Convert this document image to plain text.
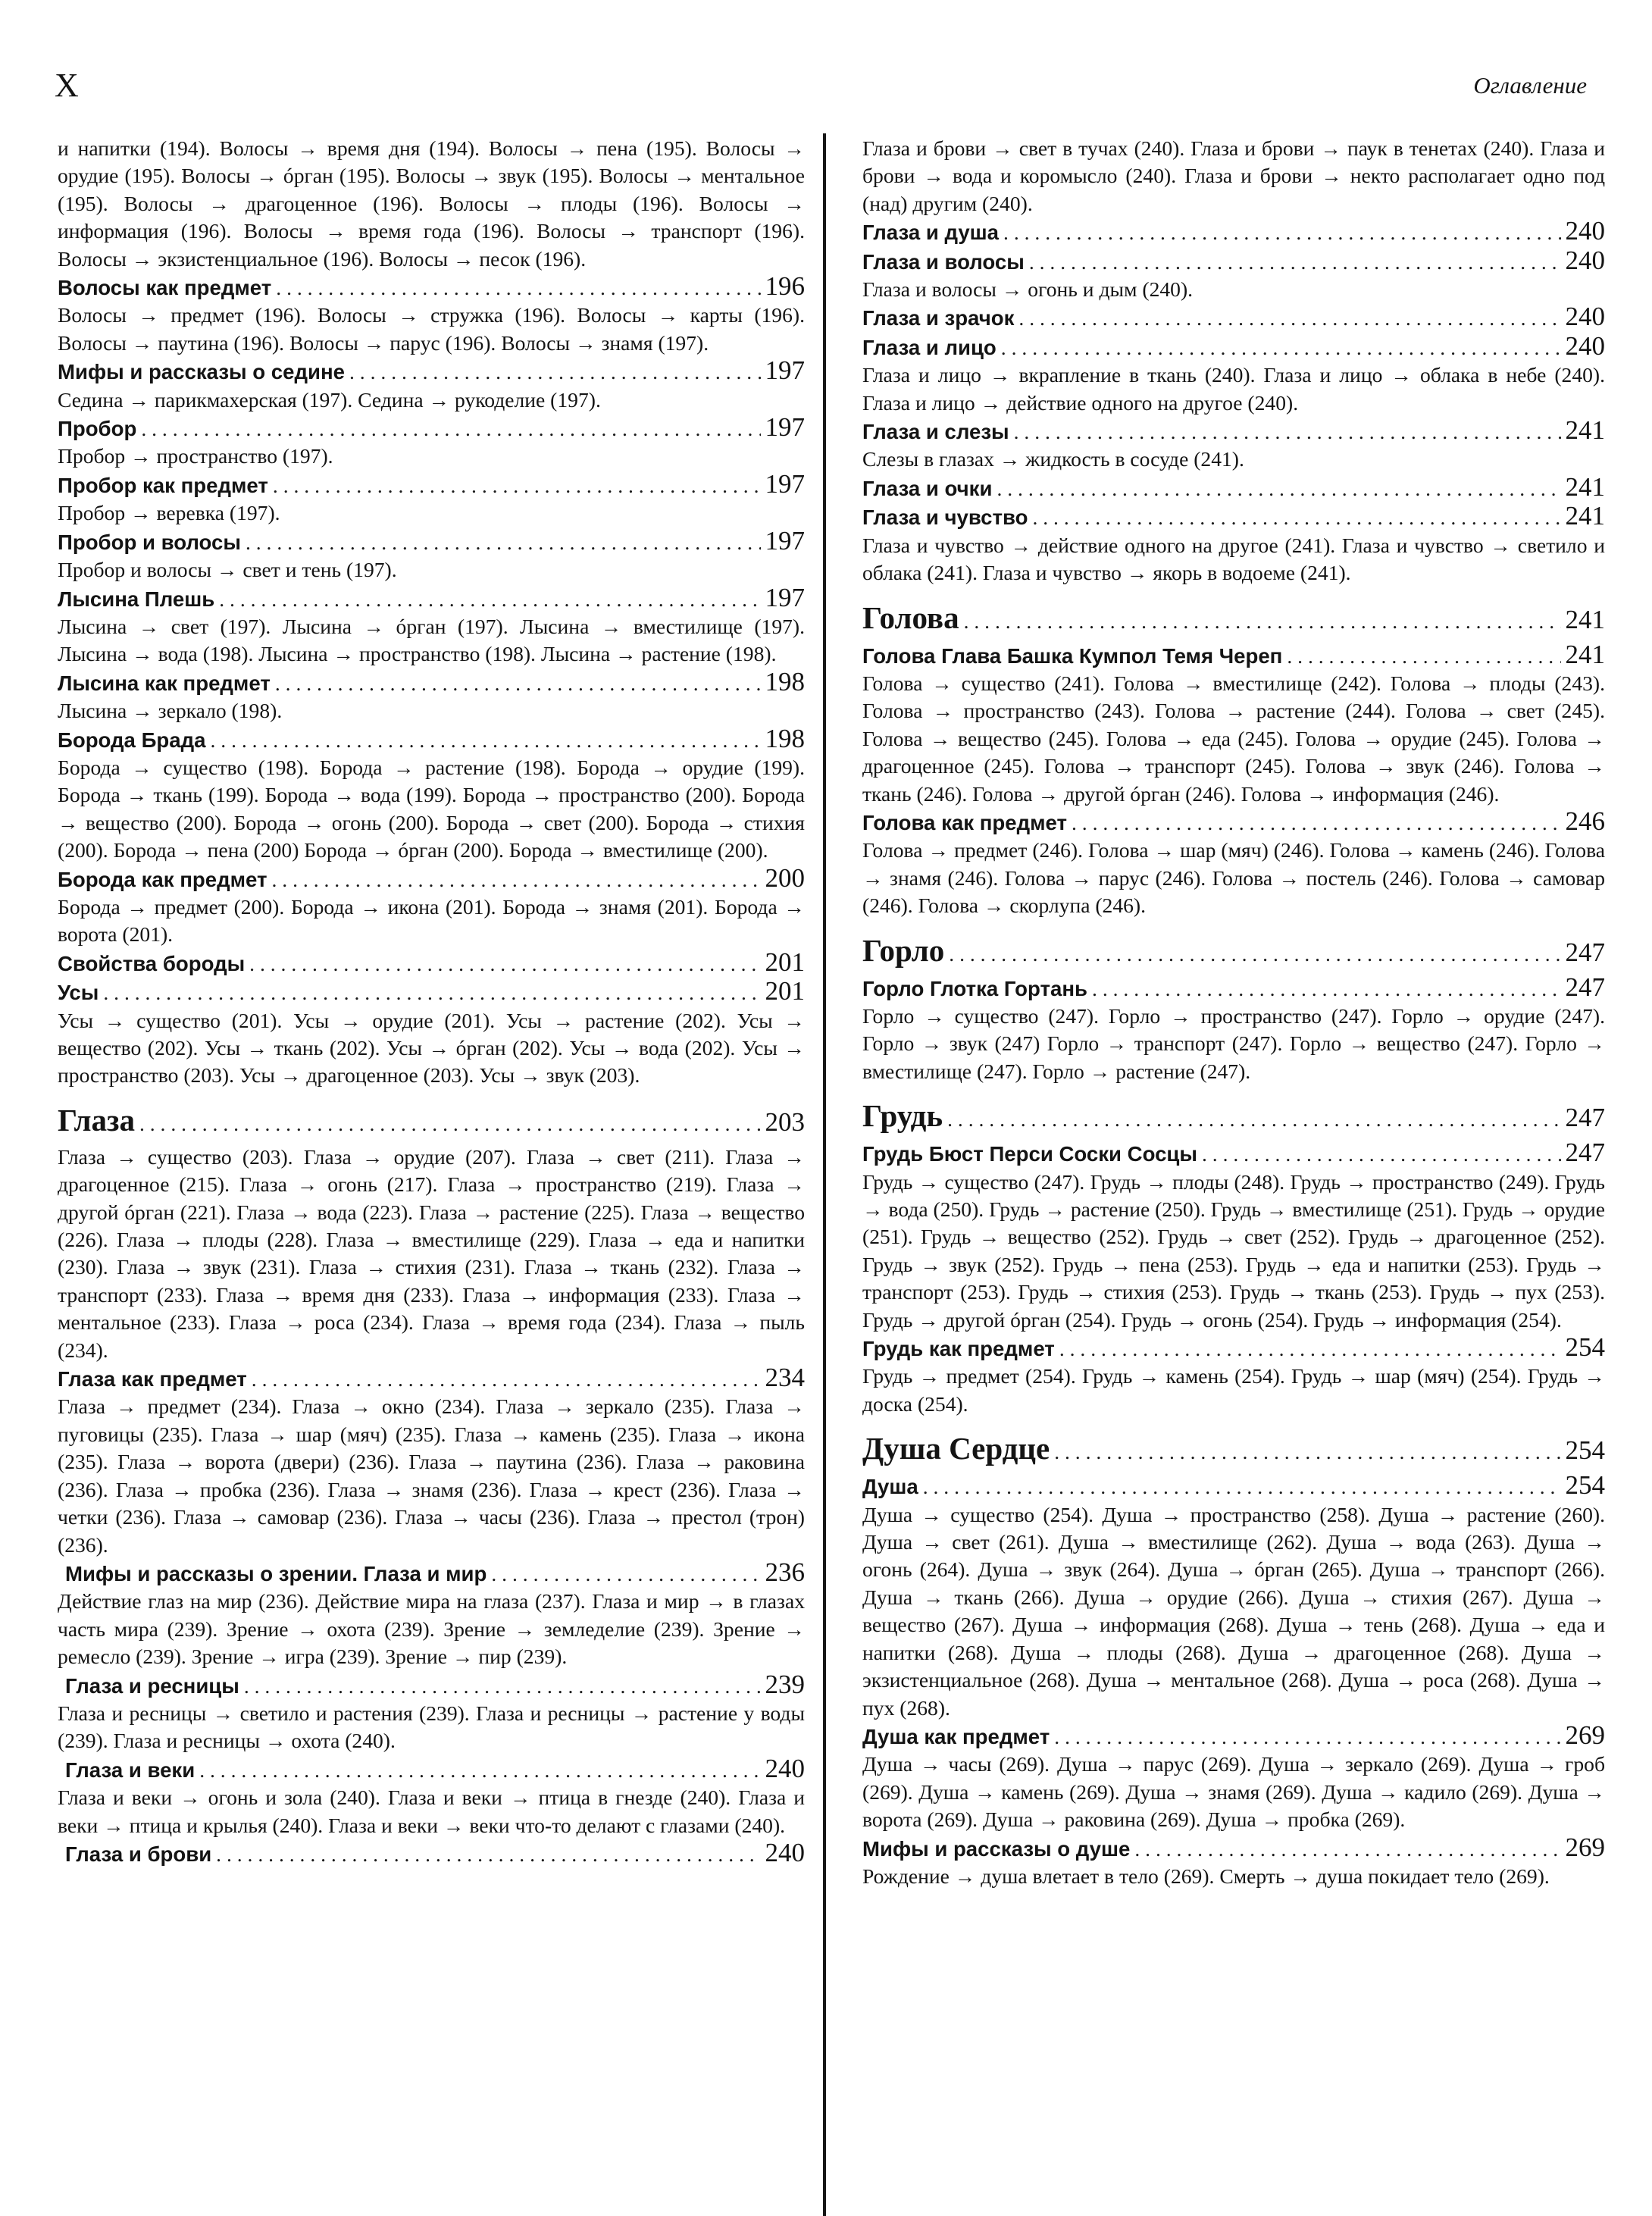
X	Оглавление

и напитки (194). Волосы → время дня (194). Волосы → пена (195). Волосы → орудие (195). Волосы → óрган (195). Волосы → звук (195). Волосы → ментальное (195). Волосы → драгоценное (196). Волосы → плоды (196). Волосы → информация (196). Волосы → время года (196). Волосы → транспорт (196). Волосы → экзистенциальное (196). Волосы → песок (196).

Волосы как предмет . . .	196

Волосы → предмет (196). Волосы → стружка (196). Волосы → карты (196). Волосы → паутина (196). Волосы → парус (196). Волосы → знамя (197).

Мифы и рассказы о седине . . .	197

Седина → парикмахерская (197). Седина → рукоделие (197).

Пробор . . .	197

Пробор → пространство (197).

Пробор как предмет . . .	197

Пробор → веревка (197).

Пробор и волосы . . .	197

Пробор и волосы → свет и тень (197).

Лысина Плешь . . .	197

Лысина → свет (197). Лысина → óрган (197). Лысина → вместилище (197). Лысина → вода (198). Лысина → пространство (198). Лысина → растение (198).

Лысина как предмет . . .	198

Лысина → зеркало (198).

Борода Брада . . .	198

Борода → существо (198). Борода → растение (198). Борода → орудие (199). Борода → ткань (199). Борода → вода (199). Борода → пространство (200). Борода → вещество (200). Борода → огонь (200). Борода → свет (200). Борода → стихия (200). Борода → пена (200) Борода → óрган (200). Борода → вместилище (200).

Борода как предмет . . .	200

Борода → предмет (200). Борода → икона (201). Борода → знамя (201). Борода → ворота (201).

Свойства бороды . . .	201
Усы . . .	201

Усы → существо (201). Усы → орудие (201). Усы → растение (202). Усы → вещество (202). Усы → ткань (202). Усы → óрган (202). Усы → вода (202). Усы → пространство (203). Усы → драгоценное (203). Усы → звук (203).

Глаза . . .	203

Глаза → существо (203). Глаза → орудие (207). Глаза → свет (211). Глаза → драгоценное (215). Глаза → огонь (217). Глаза → пространство (219). Глаза → другой óрган (221). Глаза → вода (223). Глаза → растение (225). Глаза → вещество (226). Глаза → плоды (228). Глаза → вместилище (229). Глаза → еда и напитки (230). Глаза → звук (231). Глаза → стихия (231). Глаза → ткань (232). Глаза → транспорт (233). Глаза → время дня (233). Глаза → информация (233). Глаза → ментальное (233). Глаза → роса (234). Глаза → время года (234). Глаза → пыль (234).

Глаза как предмет . . .	234

Глаза → предмет (234). Глаза → окно (234). Глаза → зеркало (235). Глаза → пуговицы (235). Глаза → шар (мяч) (235). Глаза → камень (235). Глаза → икона (235). Глаза → ворота (двери) (236). Глаза → паутина (236). Глаза → раковина (236). Глаза → пробка (236). Глаза → знамя (236). Глаза → крест (236). Глаза → четки (236). Глаза → самовар (236). Глаза → часы (236). Глаза → престол (трон) (236).

Мифы и рассказы о зрении. Глаза и мир . . .	236

Действие глаз на мир (236). Действие мира на глаза (237). Глаза и мир → в глазах часть мира (239). Зрение → охота (239). Зрение → земледелие (239). Зрение → ремесло (239). Зрение → игра (239). Зрение → пир (239).

Глаза и ресницы . . .	239

Глаза и ресницы → светило и растения (239). Глаза и ресницы → растение у воды (239). Глаза и ресницы → охота (240).

Глаза и веки . . .	240

Глаза и веки → огонь и зола (240). Глаза и веки → птица в гнезде (240). Глаза и веки → птица и крылья (240). Глаза и веки → веки что-то делают с глазами (240).

Глаза и брови . . .	240

Глаза и брови → свет в тучах (240). Глаза и брови → паук в тенетах (240). Глаза и брови → вода и коромысло (240). Глаза и брови → некто располагает одно под (над) другим (240).

Глаза и душа . . .	240
Глаза и волосы . . .	240

Глаза и волосы → огонь и дым (240).

Глаза и зрачок . . .	240
Глаза и лицо . . .	240

Глаза и лицо → вкрапление в ткань (240). Глаза и лицо → облака в небе (240). Глаза и лицо → действие одного на другое (240).

Глаза и слезы . . .	241

Слезы в глазах → жидкость в сосуде (241).

Глаза и очки . . .	241
Глаза и чувство . . .	241

Глаза и чувство → действие одного на другое (241). Глаза и чувство → светило и облака (241). Глаза и чувство → якорь в водоеме (241).

Голова . . .	241
Голова Глава Башка Кумпол Темя Череп . . .	241

Голова → существо (241). Голова → вместилище (242). Голова → плоды (243). Голова → пространство (243). Голова → растение (244). Голова → свет (245). Голова → вещество (245). Голова → еда (245). Голова → орудие (245). Голова → драгоценное (245). Голова → транспорт (245). Голова → звук (246). Голова → ткань (246). Голова → другой óрган (246). Голова → информация (246).

Голова как предмет . . .	246

Голова → предмет (246). Голова → шар (мяч) (246). Голова → камень (246). Голова → знамя (246). Голова → парус (246). Голова → постель (246). Голова → самовар (246). Голова → скорлупа (246).

Горло . . .	247
Горло Глотка Гортань . . .	247

Горло → существо (247). Горло → пространство (247). Горло → орудие (247). Горло → звук (247) Горло → транспорт (247). Горло → вещество (247). Горло → вместилище (247). Горло → растение (247).

Грудь . . .	247
Грудь Бюст Перси Соски Сосцы . . .	247

Грудь → существо (247). Грудь → плоды (248). Грудь → пространство (249). Грудь → вода (250). Грудь → растение (250). Грудь → вместилище (251). Грудь → орудие (251). Грудь → вещество (252). Грудь → свет (252). Грудь → драгоценное (252). Грудь → звук (252). Грудь → пена (253). Грудь → еда и напитки (253). Грудь → транспорт (253). Грудь → стихия (253). Грудь → ткань (253). Грудь → пух (253). Грудь → другой óрган (254). Грудь → огонь (254). Грудь → информация (254).

Грудь как предмет . . .	254

Грудь → предмет (254). Грудь → камень (254). Грудь → шар (мяч) (254). Грудь → доска (254).

Душа Сердце . . .	254
Душа . . .	254

Душа → существо (254). Душа → пространство (258). Душа → растение (260). Душа → свет (261). Душа → вместилище (262). Душа → вода (263). Душа → огонь (264). Душа → звук (264). Душа → óрган (265). Душа → транспорт (266). Душа → ткань (266). Душа → орудие (266). Душа → стихия (267). Душа → вещество (267). Душа → информация (268). Душа → тень (268). Душа → еда и напитки (268). Душа → плоды (268). Душа → драгоценное (268). Душа → экзистенциальное (268). Душа → ментальное (268). Душа → роса (268). Душа → пух (268).

Душа как предмет . . .	269

Душа → часы (269). Душа → парус (269). Душа → зеркало (269). Душа → гроб (269). Душа → камень (269). Душа → знамя (269). Душа → кадило (269). Душа → ворота (269). Душа → раковина (269). Душа → пробка (269).

Мифы и рассказы о душе . . .	269

Рождение → душа влетает в тело (269). Смерть → душа покидает тело (269).
